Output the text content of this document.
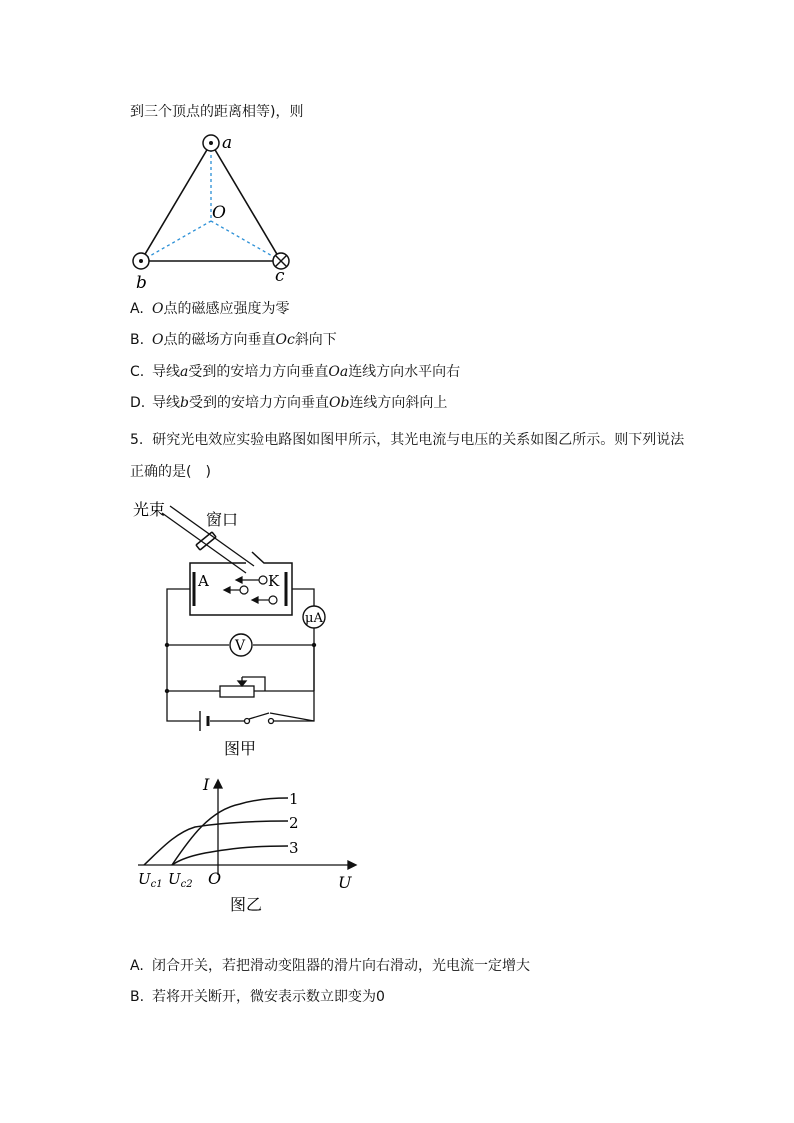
到三个顶点的距离相等)，则
a
O
b	c
A. O点的磁感应强度为零
B. O点的磁场方向垂直Oc斜向下
C. 导线a受到的安培力方向垂直Oa连线方向水平向右
D. 导线b受到的安培力方向垂直Ob连线方向斜向上
5. 研究光电效应实验电路图如图甲所示，其光电流与电压的关系如图乙所示。则下列说法正确的是(　)
光束
窗口
A	K
μA
V
图甲
I
U
O
1
2
3
$U_{c1}$ $U_{c2}$
图乙
A. 闭合开关，若把滑动变阻器的滑片向右滑动，光电流一定增大
B. 若将开关断开，微安表示数立即变为0
